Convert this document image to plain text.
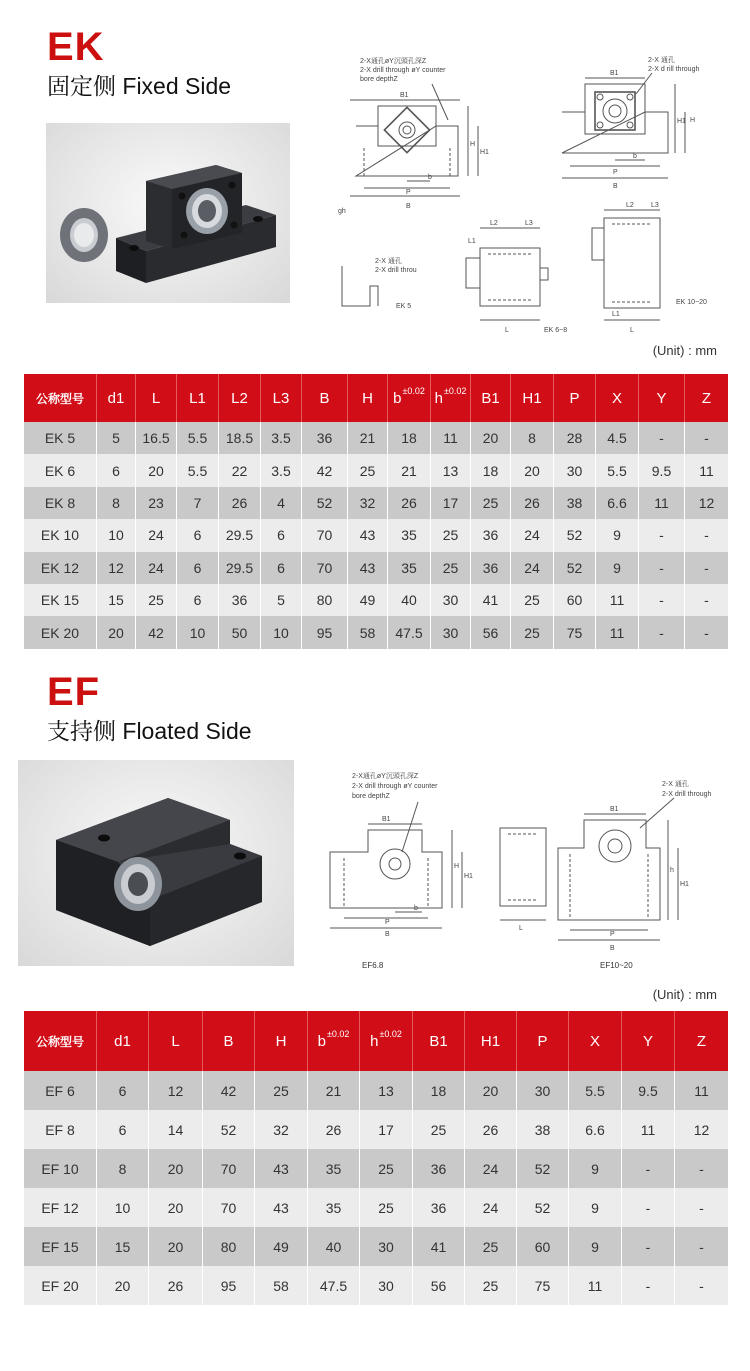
EK
固定侧 Fixed Side
2-X通孔øY沉頭孔深Z
2-X drill through øY counter
bore depthZ
2-X 通孔
2-X d rill through
B1
P
B
b
gh
H
H1
B1
P
B
b
H1 H
2-X 通孔
2-X drill throu
EK 5
L
L2	L3
L1
EK 6~8
L2 L3
L1
L
EK 10~20
(Unit) : mm
公称型号	d1	L	L1	L2	L3	B	H	$b^{\pm 0.02}$	$h^{\pm 0.02}$	B1	H1	P	X	Y	Z
EK 5	5	16.5	5.5	18.5	3.5	36	21	18	11	20	8	28	4.5	-	-
EK 6	6	20	5.5	22	3.5	42	25	21	13	18	20	30	5.5	9.5	11
EK 8	8	23	7	26	4	52	32	26	17	25	26	38	6.6	11	12
EK 10	10	24	6	29.5	6	70	43	35	25	36	24	52	9	-	-
EK 12	12	24	6	29.5	6	70	43	35	25	36	24	52	9	-	-
EK 15	15	25	6	36	5	80	49	40	30	41	25	60	11	-	-
EK 20	20	42	10	50	10	95	58	47.5	30	56	25	75	11	-	-
EF
支持侧 Floated Side
2-X通孔øY沉頭孔深Z
2-X drill through øY counter
bore depthZ
2-X 通孔
2-X drill through
B1
P
B
b
H
H1
L
EF6.8
B1
P
B
h
H1
EF10~20
(Unit) : mm
公称型号	d1	L	B	H	$b^{\pm 0.02}$	$h^{\pm 0.02}$	B1	H1	P	X	Y	Z
EF 6	6	12	42	25	21	13	18	20	30	5.5	9.5	11
EF 8	6	14	52	32	26	17	25	26	38	6.6	11	12
EF 10	8	20	70	43	35	25	36	24	52	9	-	-
EF 12	10	20	70	43	35	25	36	24	52	9	-	-
EF 15	15	20	80	49	40	30	41	25	60	9	-	-
EF 20	20	26	95	58	47.5	30	56	25	75	11	-	-
